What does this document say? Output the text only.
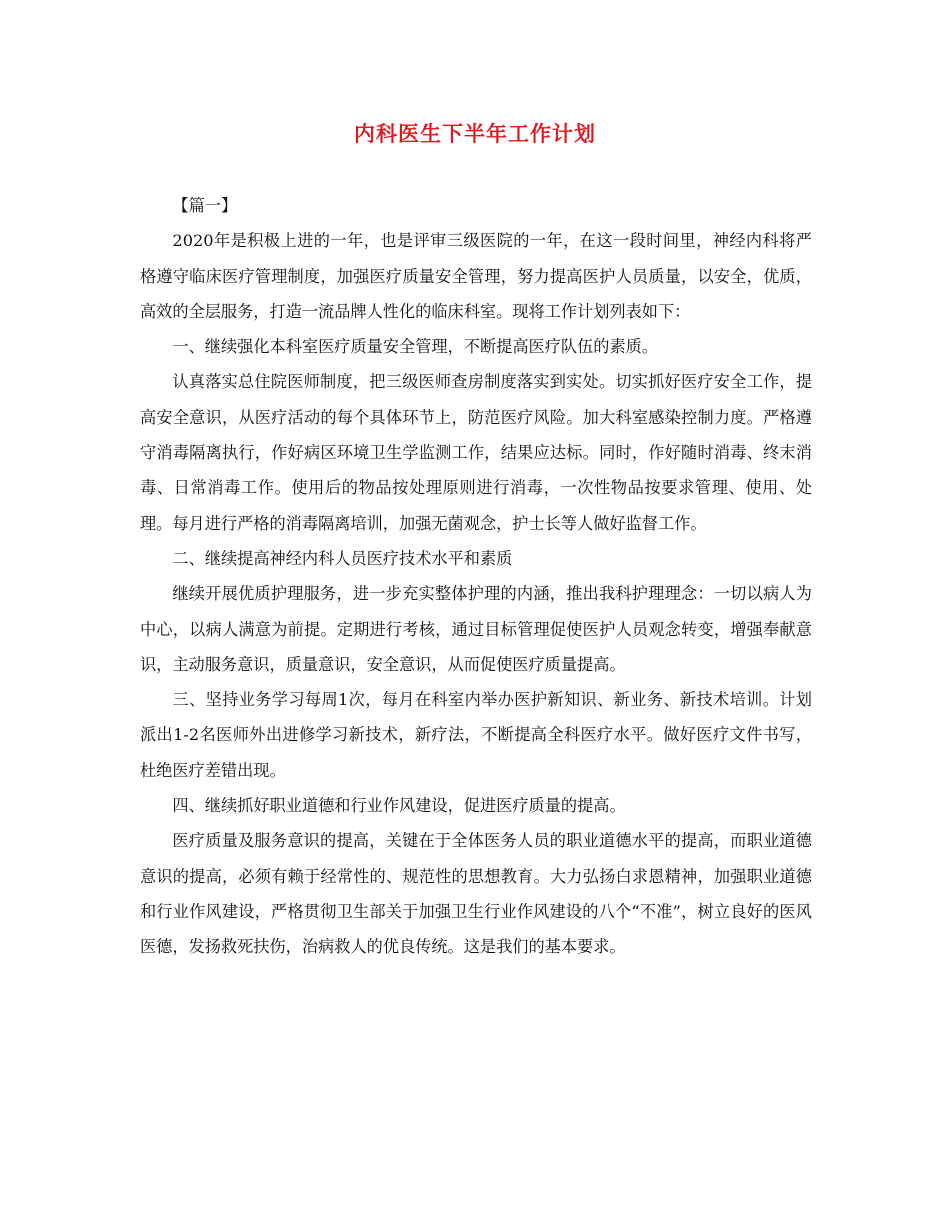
内科医生下半年工作计划

【篇一】

2020年是积极上进的一年，也是评审三级医院的一年，在这一段时间里，神经内科将严格遵守临床医疗管理制度，加强医疗质量安全管理，努力提高医护人员质量，以安全，优质，高效的全层服务，打造一流品牌人性化的临床科室。现将工作计划列表如下：

一、继续强化本科室医疗质量安全管理，不断提高医疗队伍的素质。

认真落实总住院医师制度，把三级医师查房制度落实到实处。切实抓好医疗安全工作，提高安全意识，从医疗活动的每个具体环节上，防范医疗风险。加大科室感染控制力度。严格遵守消毒隔离执行，作好病区环境卫生学监测工作，结果应达标。同时，作好随时消毒、终末消毒、日常消毒工作。使用后的物品按处理原则进行消毒，一次性物品按要求管理、使用、处理。每月进行严格的消毒隔离培训，加强无菌观念，护士长等人做好监督工作。

二、继续提高神经内科人员医疗技术水平和素质

继续开展优质护理服务，进一步充实整体护理的内涵，推出我科护理理念：一切以病人为中心，以病人满意为前提。定期进行考核，通过目标管理促使医护人员观念转变，增强奉献意识，主动服务意识，质量意识，安全意识，从而促使医疗质量提高。

三、坚持业务学习每周1次，每月在科室内举办医护新知识、新业务、新技术培训。计划派出1-2名医师外出进修学习新技术，新疗法，不断提高全科医疗水平。做好医疗文件书写，杜绝医疗差错出现。

四、继续抓好职业道德和行业作风建设，促进医疗质量的提高。

医疗质量及服务意识的提高，关键在于全体医务人员的职业道德水平的提高，而职业道德意识的提高，必须有赖于经常性的、规范性的思想教育。大力弘扬白求恩精神，加强职业道德和行业作风建设，严格贯彻卫生部关于加强卫生行业作风建设的八个“不准”，树立良好的医风医德，发扬救死扶伤，治病救人的优良传统。这是我们的基本要求。
